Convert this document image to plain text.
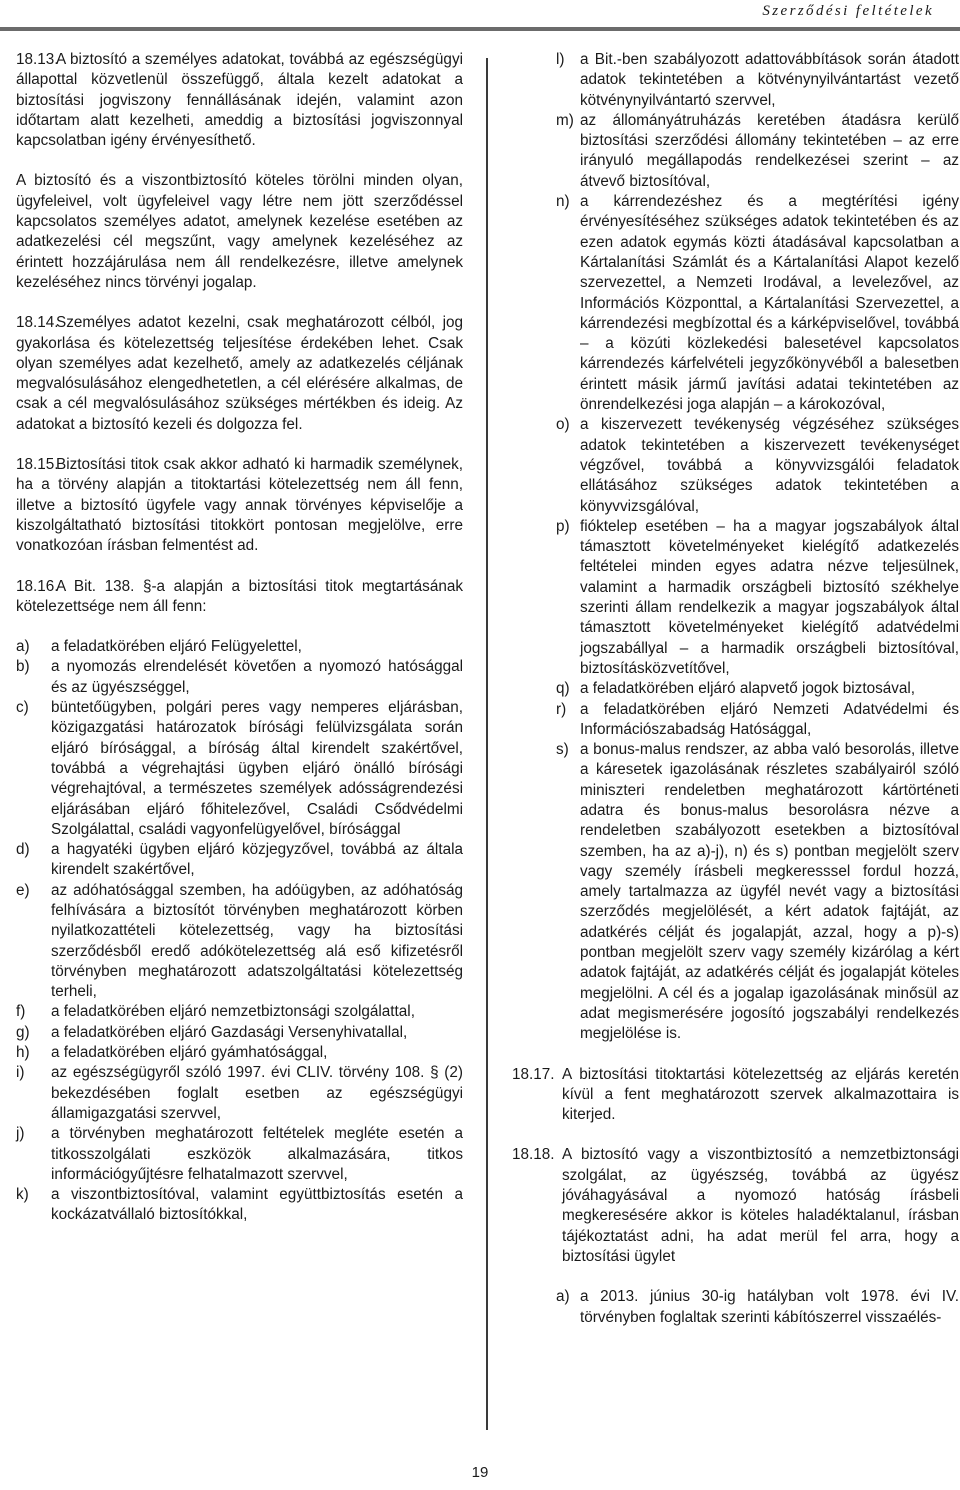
Szerződési feltételek
18.13.
A biztosító a személyes adatokat, továbbá az egészségügyi állapottal közvetlenül összefüggő, általa kezelt adatokat a biztosítási jogviszony fennállásának idején, valamint azon időtartam alatt kezelheti, ameddig a biztosítási jogviszonnyal kapcsolatban igény érvényesíthető.

A biztosító és a viszontbiztosító köteles törölni minden olyan, ügyfeleivel, volt ügyfeleivel vagy létre nem jött szerződéssel kapcsolatos személyes adatot, amelynek kezelése esetében az adatkezelési cél megszűnt, vagy amelynek kezeléséhez az érintett hozzájárulása nem áll rendelkezésre, illetve amelynek kezeléséhez nincs törvényi jogalap.

18.14.
Személyes adatot kezelni, csak meghatározott célból, jog gyakorlása és kötelezettség teljesítése érdekében lehet. Csak olyan személyes adat kezelhető, amely az adatkezelés céljának megvalósulásához elengedhetetlen, a cél elérésére alkalmas, de csak a cél megvalósulásához szükséges mértékben és ideig. Az adatokat a biztosító kezeli és dolgozza fel.
18.15.
Biztosítási titok csak akkor adható ki harmadik személynek, ha a törvény alapján a titoktartási kötelezettség nem áll fenn, illetve a biztosító ügyfele vagy annak törvényes képviselője a kiszolgáltatható biztosítási titokkört pontosan megjelölve, erre vonatkozóan írásban felmentést ad.
18.16.
A Bit. 138. §-a alapján a biztosítási titok megtartásának kötelezettsége nem áll fenn:
a) a feladatkörében eljáró Felügyelettel,
b) a nyomozás elrendelését követően a nyomozó hatósággal és az ügyészséggel,
c) büntetőügyben, polgári peres vagy nemperes eljárásban, közigazgatási határozatok bírósági felülvizsgálata során eljáró bírósággal, a bíróság által kirendelt szakértővel, továbbá a végrehajtási ügyben eljáró önálló bírósági végrehajtóval, a természetes személyek adósságrendezési eljárásában eljáró főhitelezővel, Családi Csődvédelmi Szolgálattal, családi vagyonfelügyelővel, bírósággal
d) a hagyatéki ügyben eljáró közjegyzővel, továbbá az általa kirendelt szakértővel,
e) az adóhatósággal szemben, ha adóügyben, az adóhatóság felhívására a biztosítót törvényben meghatározott körben nyilatkozattételi kötelezettség, vagy ha biztosítási szerződésből eredő adókötelezettség alá eső kifizetésről törvényben meghatározott adatszolgáltatási kötelezettség terheli,
f) a feladatkörében eljáró nemzetbiztonsági szolgálattal,
g) a feladatkörében eljáró Gazdasági Versenyhivatallal,
h) a feladatkörében eljáró gyámhatósággal,
i) az egészségügyről szóló 1997. évi CLIV. törvény 108. § (2) bekezdésében foglalt esetben az egészségügyi államigazgatási szervvel,
j) a törvényben meghatározott feltételek megléte esetén a titkosszolgálati eszközök alkalmazására, titkos információgyűjtésre felhatalmazott szervvel,
k) a viszontbiztosítóval, valamint együttbiztosítás esetén a kockázatvállaló biztosítókkal,
l) a Bit.-ben szabályozott adattovábbítások során átadott adatok tekintetében a kötvénynyilvántartást vezető kötvénynyilvántartó szervvel,
m) az állományátruházás keretében átadásra kerülő biztosítási szerződési állomány tekintetében – az erre irányuló megállapodás rendelkezései szerint – az átvevő biztosítóval,
n) a kárrendezéshez és a megtérítési igény érvényesítéséhez szükséges adatok tekintetében és az ezen adatok egymás közti átadásával kapcsolatban a Kártalanítási Számlát és a Kártalanítási Alapot kezelő szervezettel, a Nemzeti Irodával, a levelezővel, az Információs Központtal, a Kártalanítási Szervezettel, a kárrendezési megbízottal és a kárképviselővel, továbbá – a közúti közlekedési balesetével kapcsolatos kárrendezés kárfelvételi jegyzőkönyvéből a balesetben érintett másik jármű javítási adatai tekintetében az önrendelkezési joga alapján – a károkozóval,
o) a kiszervezett tevékenység végzéséhez szükséges adatok tekintetében a kiszervezett tevékenységet végzővel, továbbá a könyvvizsgálói feladatok ellátásához szükséges adatok tekintetében a könyvvizsgálóval,
p) fióktelep esetében – ha a magyar jogszabályok által támasztott követelményeket kielégítő adatkezelés feltételei minden egyes adatra nézve teljesülnek, valamint a harmadik országbeli biztosító székhelye szerinti állam rendelkezik a magyar jogszabályok által támasztott követelményeket kielégítő adatvédelmi jogszabállyal – a harmadik országbeli biztosítóval, biztosításközvetítővel,
q) a feladatkörében eljáró alapvető jogok biztosával,
r) a feladatkörében eljáró Nemzeti Adatvédelmi és Információszabadság Hatósággal,
s) a bonus-malus rendszer, az abba való besorolás, illetve a káresetek igazolásának részletes szabályairól szóló miniszteri rendeletben meghatározott kártörténeti adatra és bonus-malus besorolásra nézve a rendeletben szabályozott esetekben a biztosítóval szemben, ha az a)-j), n) és s) pontban megjelölt szerv vagy személy írásbeli megkeresssel fordul hozzá, amely tartalmazza az ügyfél nevét vagy a biztosítási szerződés megjelölését, a kért adatok fajtáját, az adatkérés célját és jogalapját, azzal, hogy a p)-s) pontban megjelölt szerv vagy személy kizárólag a kért adatok fajtáját, az adatkérés célját és jogalapját köteles megjelölni. A cél és a jogalap igazolásának minősül az adat megismerésére jogosító jogszabályi rendelkezés megjelölése is.
18.17. A biztosítási titoktartási kötelezettség az eljárás keretén kívül a fent meghatározott szervek alkalmazottaira is kiterjed.
18.18. A biztosító vagy a viszontbiztosító a nemzetbiztonsági szolgálat, az ügyészség, továbbá az ügyész jóváhagyásával a nyomozó hatóság írásbeli megkeresésére akkor is köteles haladéktalanul, írásban tájékoztatást adni, ha adat merül fel arra, hogy a biztosítási ügylet
a) a 2013. június 30-ig hatályban volt 1978. évi IV. törvényben foglaltak szerinti kábítószerrel visszaélés-
19
